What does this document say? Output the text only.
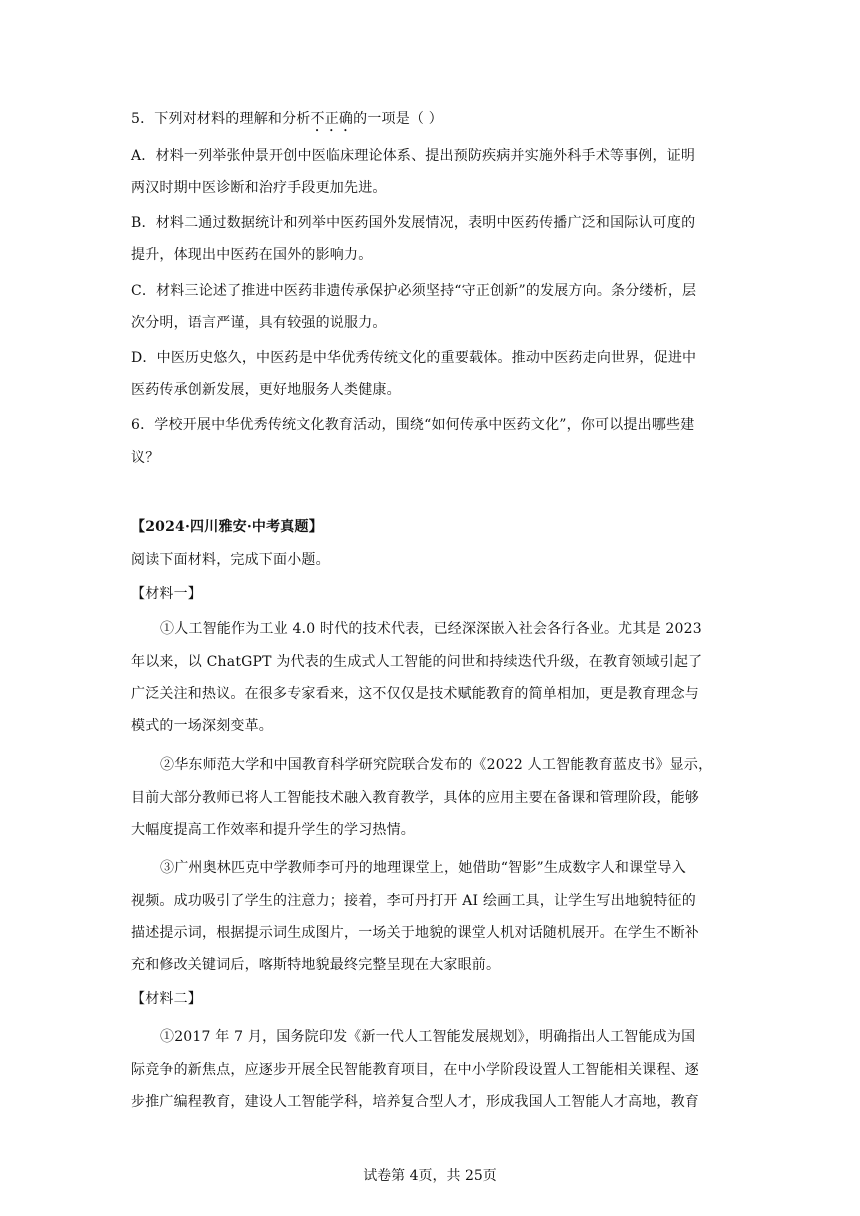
5．下列对材料的理解和分析不正确的一项是（ ）
A．材料一列举张仲景开创中医临床理论体系、提出预防疾病并实施外科手术等事例，证明
两汉时期中医诊断和治疗手段更加先进。
B．材料二通过数据统计和列举中医药国外发展情况，表明中医药传播广泛和国际认可度的
提升，体现出中医药在国外的影响力。
C．材料三论述了推进中医药非遗传承保护必须坚持“守正创新”的发展方向。条分缕析，层
次分明，语言严谨，具有较强的说服力。
D．中医历史悠久，中医药是中华优秀传统文化的重要载体。推动中医药走向世界，促进中
医药传承创新发展，更好地服务人类健康。
6．学校开展中华优秀传统文化教育活动，围绕“如何传承中医药文化”，你可以提出哪些建
议？
【2024·四川雅安·中考真题】
阅读下面材料，完成下面小题。
【材料一】
①人工智能作为工业 4.0 时代的技术代表，已经深深嵌入社会各行各业。尤其是 2023
年以来，以 ChatGPT 为代表的生成式人工智能的问世和持续迭代升级，在教育领域引起了
广泛关注和热议。在很多专家看来，这不仅仅是技术赋能教育的简单相加，更是教育理念与
模式的一场深刻变革。
②华东师范大学和中国教育科学研究院联合发布的《2022 人工智能教育蓝皮书》显示，
目前大部分教师已将人工智能技术融入教育教学，具体的应用主要在备课和管理阶段，能够
大幅度提高工作效率和提升学生的学习热情。
③广州奥林匹克中学教师李可丹的地理课堂上，她借助“智影”生成数字人和课堂导入
视频。成功吸引了学生的注意力；接着，李可丹打开 AI 绘画工具，让学生写出地貌特征的
描述提示词，根据提示词生成图片，一场关于地貌的课堂人机对话随机展开。在学生不断补
充和修改关键词后，喀斯特地貌最终完整呈现在大家眼前。
【材料二】
①2017 年 7 月，国务院印发《新一代人工智能发展规划》，明确指出人工智能成为国
际竞争的新焦点，应逐步开展全民智能教育项目，在中小学阶段设置人工智能相关课程、逐
步推广编程教育，建设人工智能学科，培养复合型人才，形成我国人工智能人才高地，教育
试卷第 4页，共 25页
